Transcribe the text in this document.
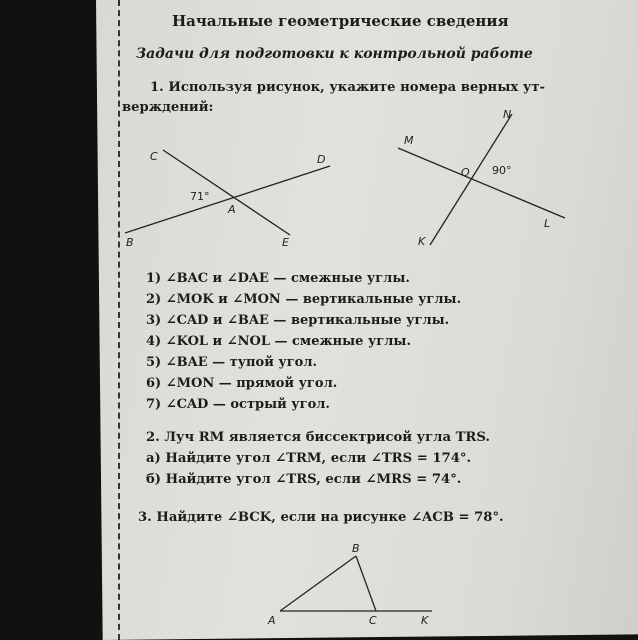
Начальные геометрические сведения
Задачи для подготовки к контрольной работе
1. Используя рисунок, укажите номера верных ут-
верждений:
C	D
71°
A
B	E
N
M
O 90°
L
K
1) ∠BAC и ∠DAE — смежные углы.
2) ∠MOK и ∠MON — вертикальные углы.
3) ∠CAD и ∠BAE — вертикальные углы.
4) ∠KOL и ∠NOL — смежные углы.
5) ∠BAE — тупой угол.
6) ∠MON — прямой угол.
7) ∠CAD — острый угол.
2. Луч RM является биссектрисой угла TRS.
а) Найдите угол ∠TRM, если ∠TRS = 174°.
б) Найдите угол ∠TRS, если ∠MRS = 74°.
3. Найдите ∠BCK, если на рисунке ∠ACB = 78°.
B
A	C	K
